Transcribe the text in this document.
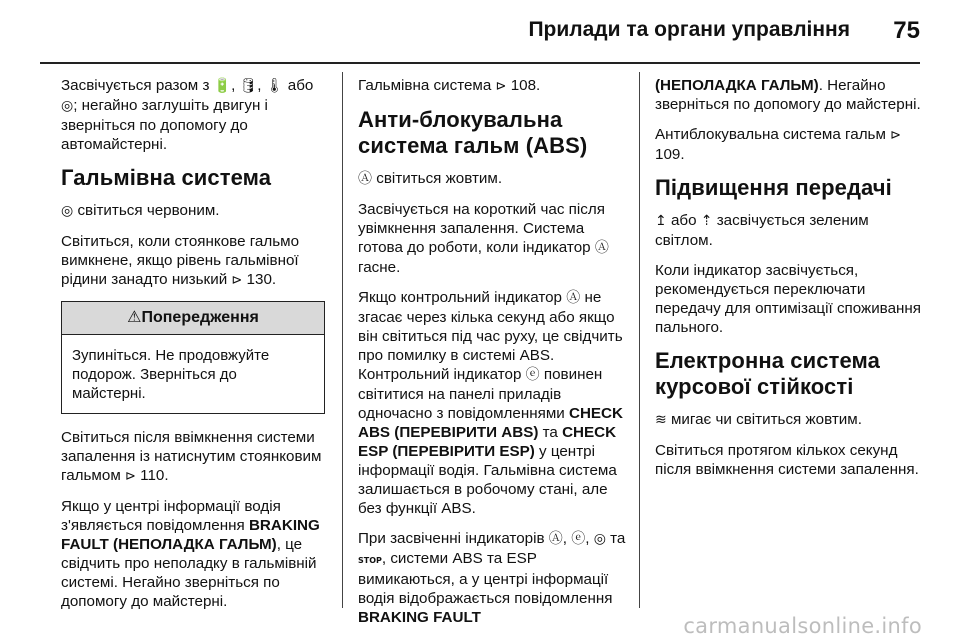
Прилади та органи управління 75

Засвічується разом з 🔋, 🛢, 🌡 або ◎; негайно заглушіть двигун і зверніться по допомогу до автомайстерні.

Гальмівна система

◎ світиться червоним.

Світиться, коли стоянкове гальмо вимкнене, якщо рівень гальмівної рідини занадто низький ⊳ 130.

⚠Попередження
Зупиніться. Не продовжуйте подорож. Зверніться до майстерні.

Світиться після ввімкнення системи запалення із натиснутим стоянковим гальмом ⊳ 110.

Якщо у центрі інформації водія з'являється повідомлення BRAKING FAULT (НЕПОЛАДКА ГАЛЬМ), це свідчить про неполадку в гальмівній системі. Негайно зверніться по допомогу до майстерні.

Гальмівна система ⊳ 108.

Анти-блокувальна система гальм (ABS)

Ⓐ світиться жовтим.

Засвічується на короткий час після увімкнення запалення. Система готова до роботи, коли індикатор Ⓐ гасне.

Якщо контрольний індикатор Ⓐ не згасає через кілька секунд або якщо він світиться під час руху, це свідчить про помилку в системі ABS. Контрольний індикатор ⓔ повинен світитися на панелі приладів одночасно з повідомленнями CHECK ABS (ПЕРЕВІРИТИ ABS) та CHECK ESP (ПЕРЕВІРИТИ ESP) у центрі інформації водія. Гальмівна система залишається в робочому стані, але без функції ABS.

При засвіченні індикаторів Ⓐ, ⓔ, ◎ та STOP, системи ABS та ESP вимикаються, а у центрі інформації водія відображається повідомлення BRAKING FAULT

(НЕПОЛАДКА ГАЛЬМ). Негайно зверніться по допомогу до майстерні.

Антиблокувальна система гальм ⊳ 109.

Підвищення передачі

↥ або ⇡ засвічується зеленим світлом.

Коли індикатор засвічується, рекомендується переключати передачу для оптимізації споживання пального.

Електронна система курсової стійкості

≋ мигає чи світиться жовтим.

Світиться протягом кількох секунд після ввімкнення системи запалення.

carmanualsonline.info
